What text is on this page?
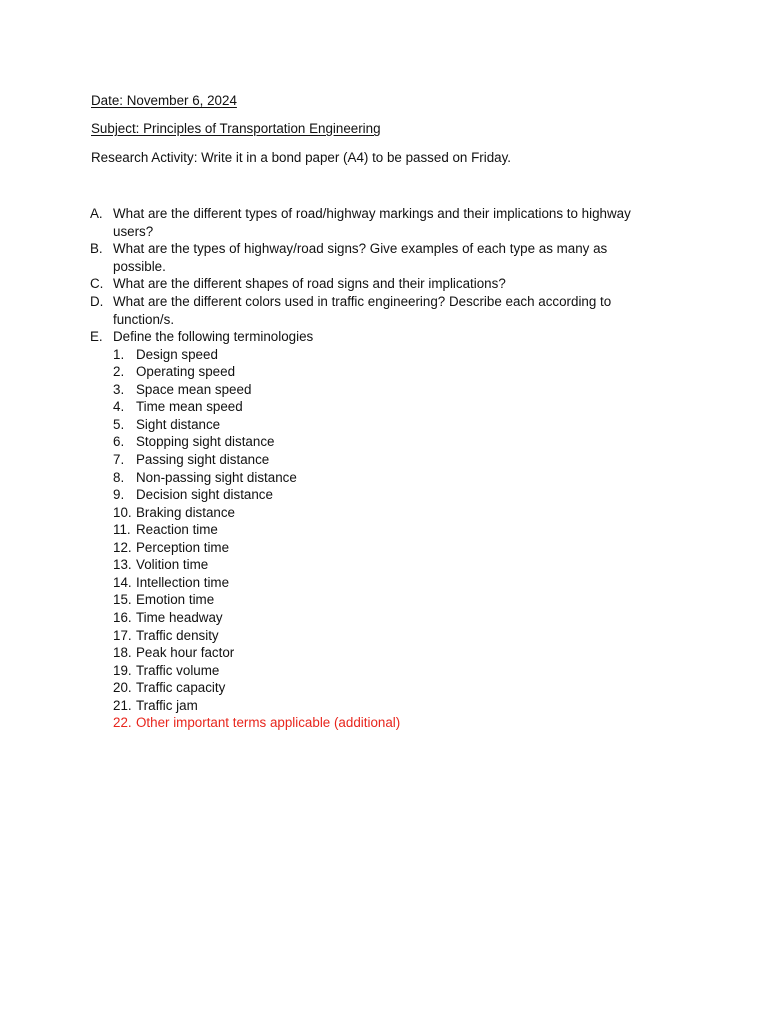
Date: November 6, 2024
Subject: Principles of Transportation Engineering
Research Activity: Write it in a bond paper (A4) to be passed on Friday.
A. What are the different types of road/highway markings and their implications to highway users?
B. What are the types of highway/road signs? Give examples of each type as many as possible.
C. What are the different shapes of road signs and their implications?
D. What are the different colors used in traffic engineering? Describe each according to function/s.
E. Define the following terminologies
1. Design speed
2. Operating speed
3. Space mean speed
4. Time mean speed
5. Sight distance
6. Stopping sight distance
7. Passing sight distance
8. Non-passing sight distance
9. Decision sight distance
10. Braking distance
11. Reaction time
12. Perception time
13. Volition time
14. Intellection time
15. Emotion time
16. Time headway
17. Traffic density
18. Peak hour factor
19. Traffic volume
20. Traffic capacity
21. Traffic jam
22. Other important terms applicable (additional)
